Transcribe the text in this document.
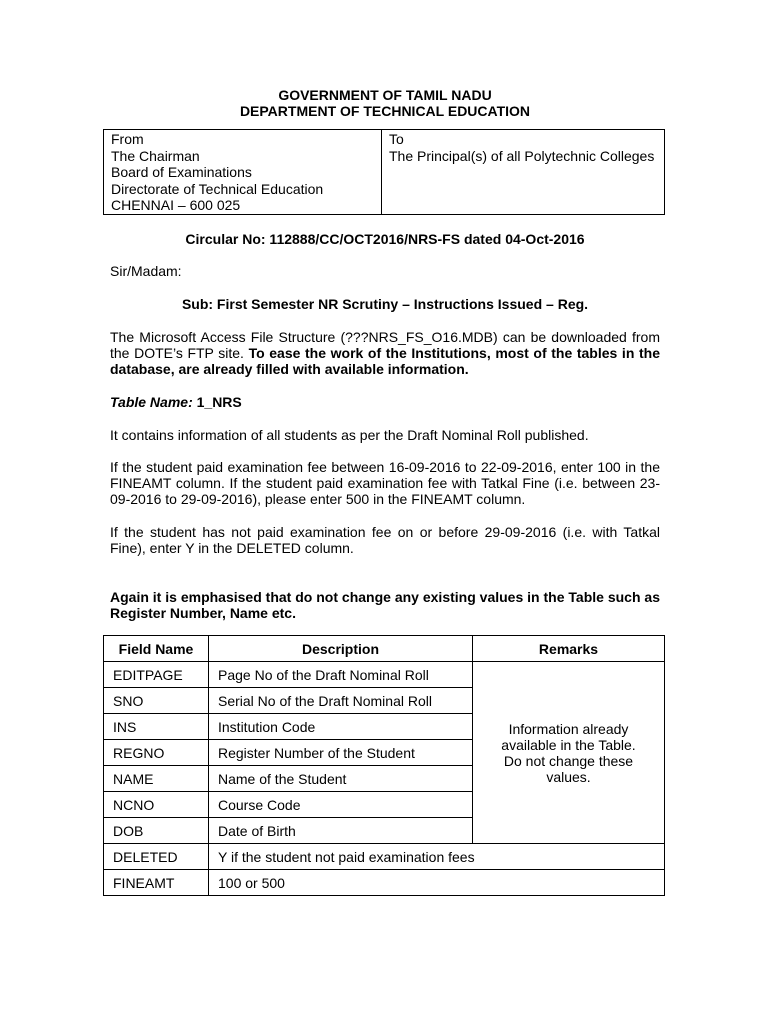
GOVERNMENT OF TAMIL NADU
DEPARTMENT OF TECHNICAL EDUCATION
From
The Chairman
Board of Examinations
Directorate of Technical Education
CHENNAI – 600 025

To
The Principal(s) of all Polytechnic Colleges
Circular No: 112888/CC/OCT2016/NRS-FS dated 04-Oct-2016
Sir/Madam:
Sub: First Semester NR Scrutiny – Instructions Issued – Reg.
The Microsoft Access File Structure (???NRS_FS_O16.MDB) can be downloaded from the DOTE’s FTP site. To ease the work of the Institutions, most of the tables in the database, are already filled with available information.
Table Name: 1_NRS
It contains information of all students as per the Draft Nominal Roll published.
If the student paid examination fee between 16-09-2016 to 22-09-2016, enter 100 in the FINEAMT column. If the student paid examination fee with Tatkal Fine (i.e. between 23-09-2016 to 29-09-2016), please enter 500 in the FINEAMT column.
If the student has not paid examination fee on or before 29-09-2016 (i.e. with Tatkal Fine), enter Y in the DELETED column.
Again it is emphasised that do not change any existing values in the Table such as Register Number, Name etc.
Field Name	Description	Remarks
EDITPAGE	Page No of the Draft Nominal Roll	Information already
available in the Table.
Do not change these
values.

SNO	Serial No of the Draft Nominal Roll	
INS	Institution Code	
REGNO	Register Number of the Student	
NAME	Name of the Student	
NCNO	Course Code	
DOB	Date of Birth	
DELETED	Y if the student not paid examination fees	
FINEAMT	100 or 500	
